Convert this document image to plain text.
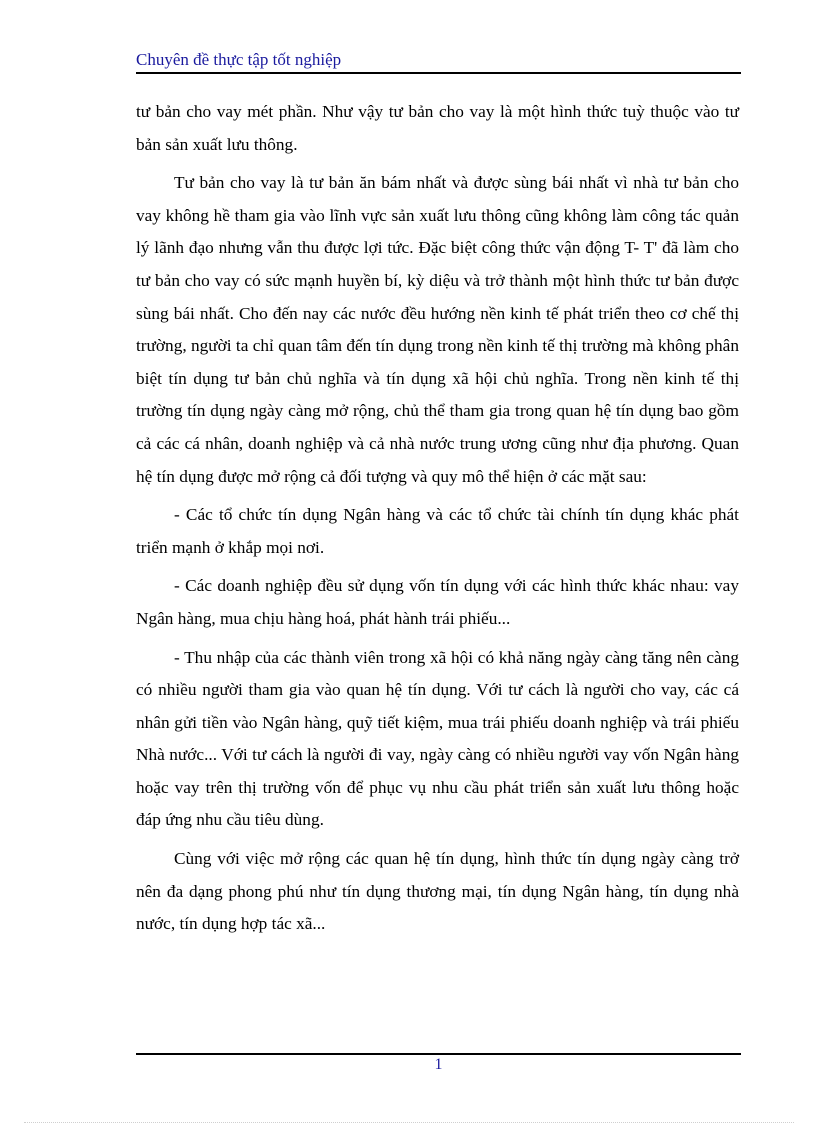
Chuyên đề thực tập tốt nghiệp

tư bản cho vay mét phần. Như vậy tư bản cho vay là một hình thức tuỳ thuộc vào tư bản sản xuất lưu thông.

Tư bản cho vay là tư bản ăn bám nhất và được sùng bái nhất vì nhà tư bản cho vay không hề tham gia vào lĩnh vực sản xuất lưu thông cũng không làm công tác quản lý lãnh đạo nhưng vẫn thu được lợi tức. Đặc biệt công thức vận động T- T' đã làm cho tư bản cho vay có sức mạnh huyền bí, kỳ diệu và trở thành một hình thức tư bản được sùng bái nhất. Cho đến nay các nước đều hướng nền kinh tế phát triển theo cơ chế thị trường, người ta chỉ quan tâm đến tín dụng trong nền kinh tế thị trường mà không phân biệt tín dụng tư bản chủ nghĩa và tín dụng xã hội chủ nghĩa. Trong nền kinh tế thị trường tín dụng ngày càng mở rộng, chủ thể tham gia trong quan hệ tín dụng bao gồm cả các cá nhân, doanh nghiệp và cả nhà nước trung ương cũng như địa phương. Quan hệ tín dụng được mở rộng cả đối tượng và quy mô thể hiện ở các mặt sau:

- Các tổ chức tín dụng Ngân hàng và các tổ chức tài chính tín dụng khác phát triển mạnh ở khắp mọi nơi.

- Các doanh nghiệp đều sử dụng vốn tín dụng với các hình thức khác nhau: vay Ngân hàng, mua chịu hàng hoá, phát hành trái phiếu...

- Thu nhập của các thành viên trong xã hội có khả năng ngày càng tăng nên càng có nhiều người tham gia vào quan hệ tín dụng. Với tư cách là người cho vay, các cá nhân gửi tiền vào Ngân hàng, quỹ tiết kiệm, mua trái phiếu doanh nghiệp và trái phiếu Nhà nước... Với tư cách là người đi vay, ngày càng có nhiều người vay vốn Ngân hàng hoặc vay trên thị trường vốn để phục vụ nhu cầu phát triển sản xuất lưu thông hoặc đáp ứng nhu cầu tiêu dùng.

Cùng với việc mở rộng các quan hệ tín dụng, hình thức tín dụng ngày càng trở nên đa dạng phong phú như tín dụng thương mại, tín dụng Ngân hàng, tín dụng nhà nước, tín dụng hợp tác xã...

1
